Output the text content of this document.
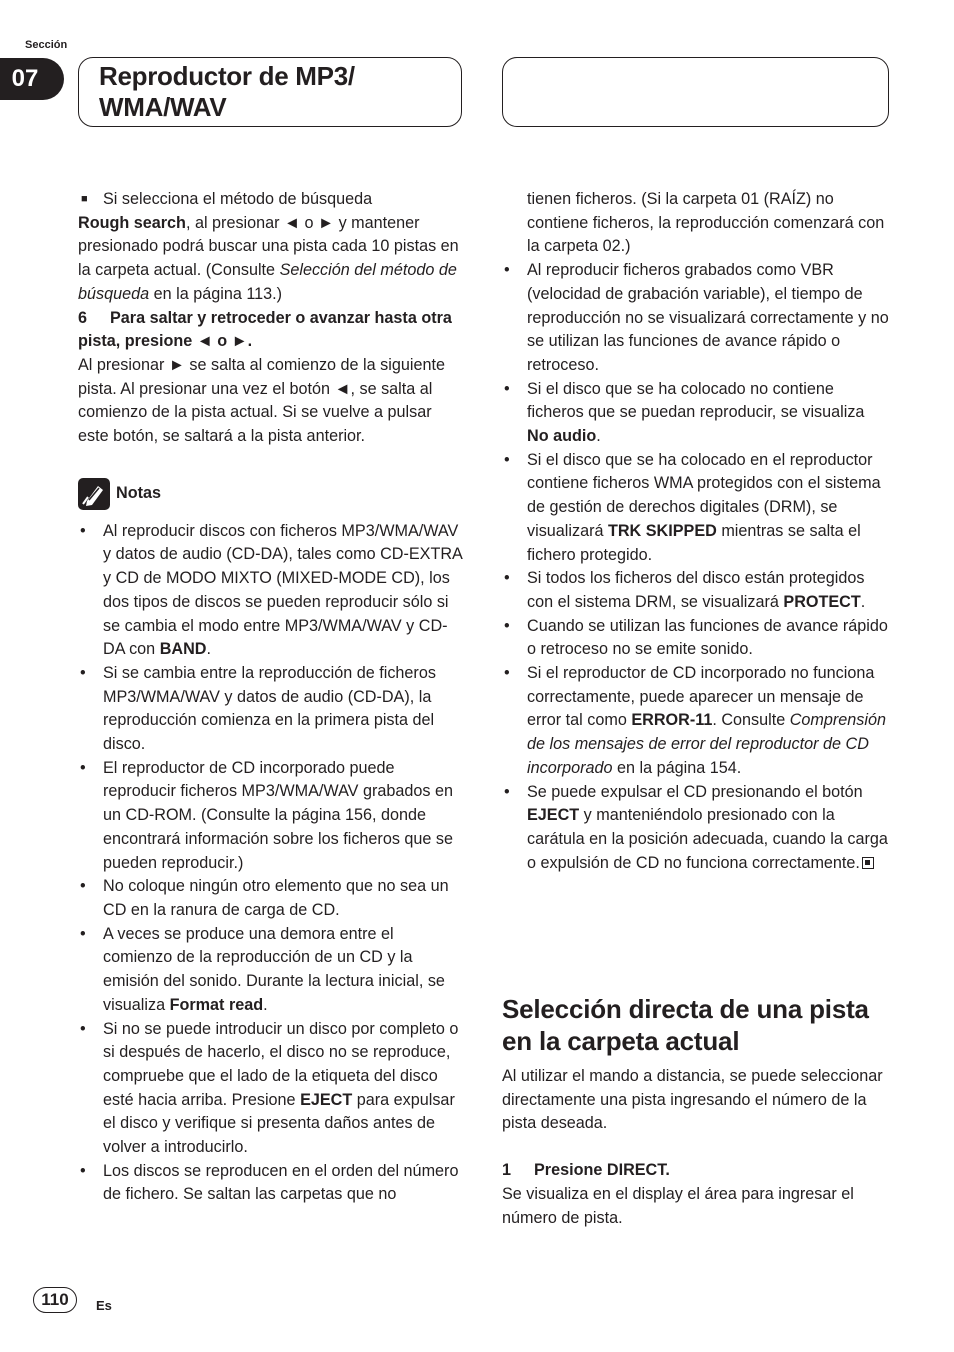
Sección
07	Reproductor de MP3/
WMA/WAV

■ Si selecciona el método de búsqueda

Rough search, al presionar ◄ o ► y mantener presionado podrá buscar una pista cada 10 pistas en la carpeta actual. (Consulte Selección del método de búsqueda en la página 113.)

6 Para saltar y retroceder o avanzar hasta otra pista, presione ◄ o ►.

Al presionar ► se salta al comienzo de la siguiente pista. Al presionar una vez el botón ◄, se salta al comienzo de la pista actual. Si se vuelve a pulsar este botón, se saltará a la pista anterior.

Notas
• Al reproducir discos con ficheros MP3/WMA/WAV y datos de audio (CD-DA), tales como CD-EXTRA y CD de MODO MIXTO (MIXED-MODE CD), los dos tipos de discos se pueden reproducir sólo si se cambia el modo entre MP3/WMA/WAV y CD-DA con BAND.
• Si se cambia entre la reproducción de ficheros MP3/WMA/WAV y datos de audio (CD-DA), la reproducción comienza en la primera pista del disco.
• El reproductor de CD incorporado puede reproducir ficheros MP3/WMA/WAV grabados en un CD-ROM. (Consulte la página 156, donde encontrará información sobre los ficheros que se pueden reproducir.)
• No coloque ningún otro elemento que no sea un CD en la ranura de carga de CD.
• A veces se produce una demora entre el comienzo de la reproducción de un CD y la emisión del sonido. Durante la lectura inicial, se visualiza Format read.
• Si no se puede introducir un disco por completo o si después de hacerlo, el disco no se reproduce, compruebe que el lado de la etiqueta del disco esté hacia arriba. Presione EJECT para expulsar el disco y verifique si presenta daños antes de volver a introducirlo.
• Los discos se reproducen en el orden del número de fichero. Se saltan las carpetas que no

tienen ficheros. (Si la carpeta 01 (RAÍZ) no contiene ficheros, la reproducción comenzará con la carpeta 02.)

• Al reproducir ficheros grabados como VBR (velocidad de grabación variable), el tiempo de reproducción no se visualizará correctamente y no se utilizan las funciones de avance rápido o retroceso.
• Si el disco que se ha colocado no contiene ficheros que se puedan reproducir, se visualiza No audio.
• Si el disco que se ha colocado en el reproductor contiene ficheros WMA protegidos con el sistema de gestión de derechos digitales (DRM), se visualizará TRK SKIPPED mientras se salta el fichero protegido.
• Si todos los ficheros del disco están protegidos con el sistema DRM, se visualizará PROTECT.
• Cuando se utilizan las funciones de avance rápido o retroceso no se emite sonido.
• Si el reproductor de CD incorporado no funciona correctamente, puede aparecer un mensaje de error tal como ERROR-11. Consulte Comprensión de los mensajes de error del reproductor de CD incorporado en la página 154.
• Se puede expulsar el CD presionando el botón EJECT y manteniéndolo presionado con la carátula en la posición adecuada, cuando la carga o expulsión de CD no funciona correctamente.
Selección directa de una pista en la carpeta actual

Al utilizar el mando a distancia, se puede seleccionar directamente una pista ingresando el número de la pista deseada.

1 Presione DIRECT.

Se visualiza en el display el área para ingresar el número de pista.

110	Es
